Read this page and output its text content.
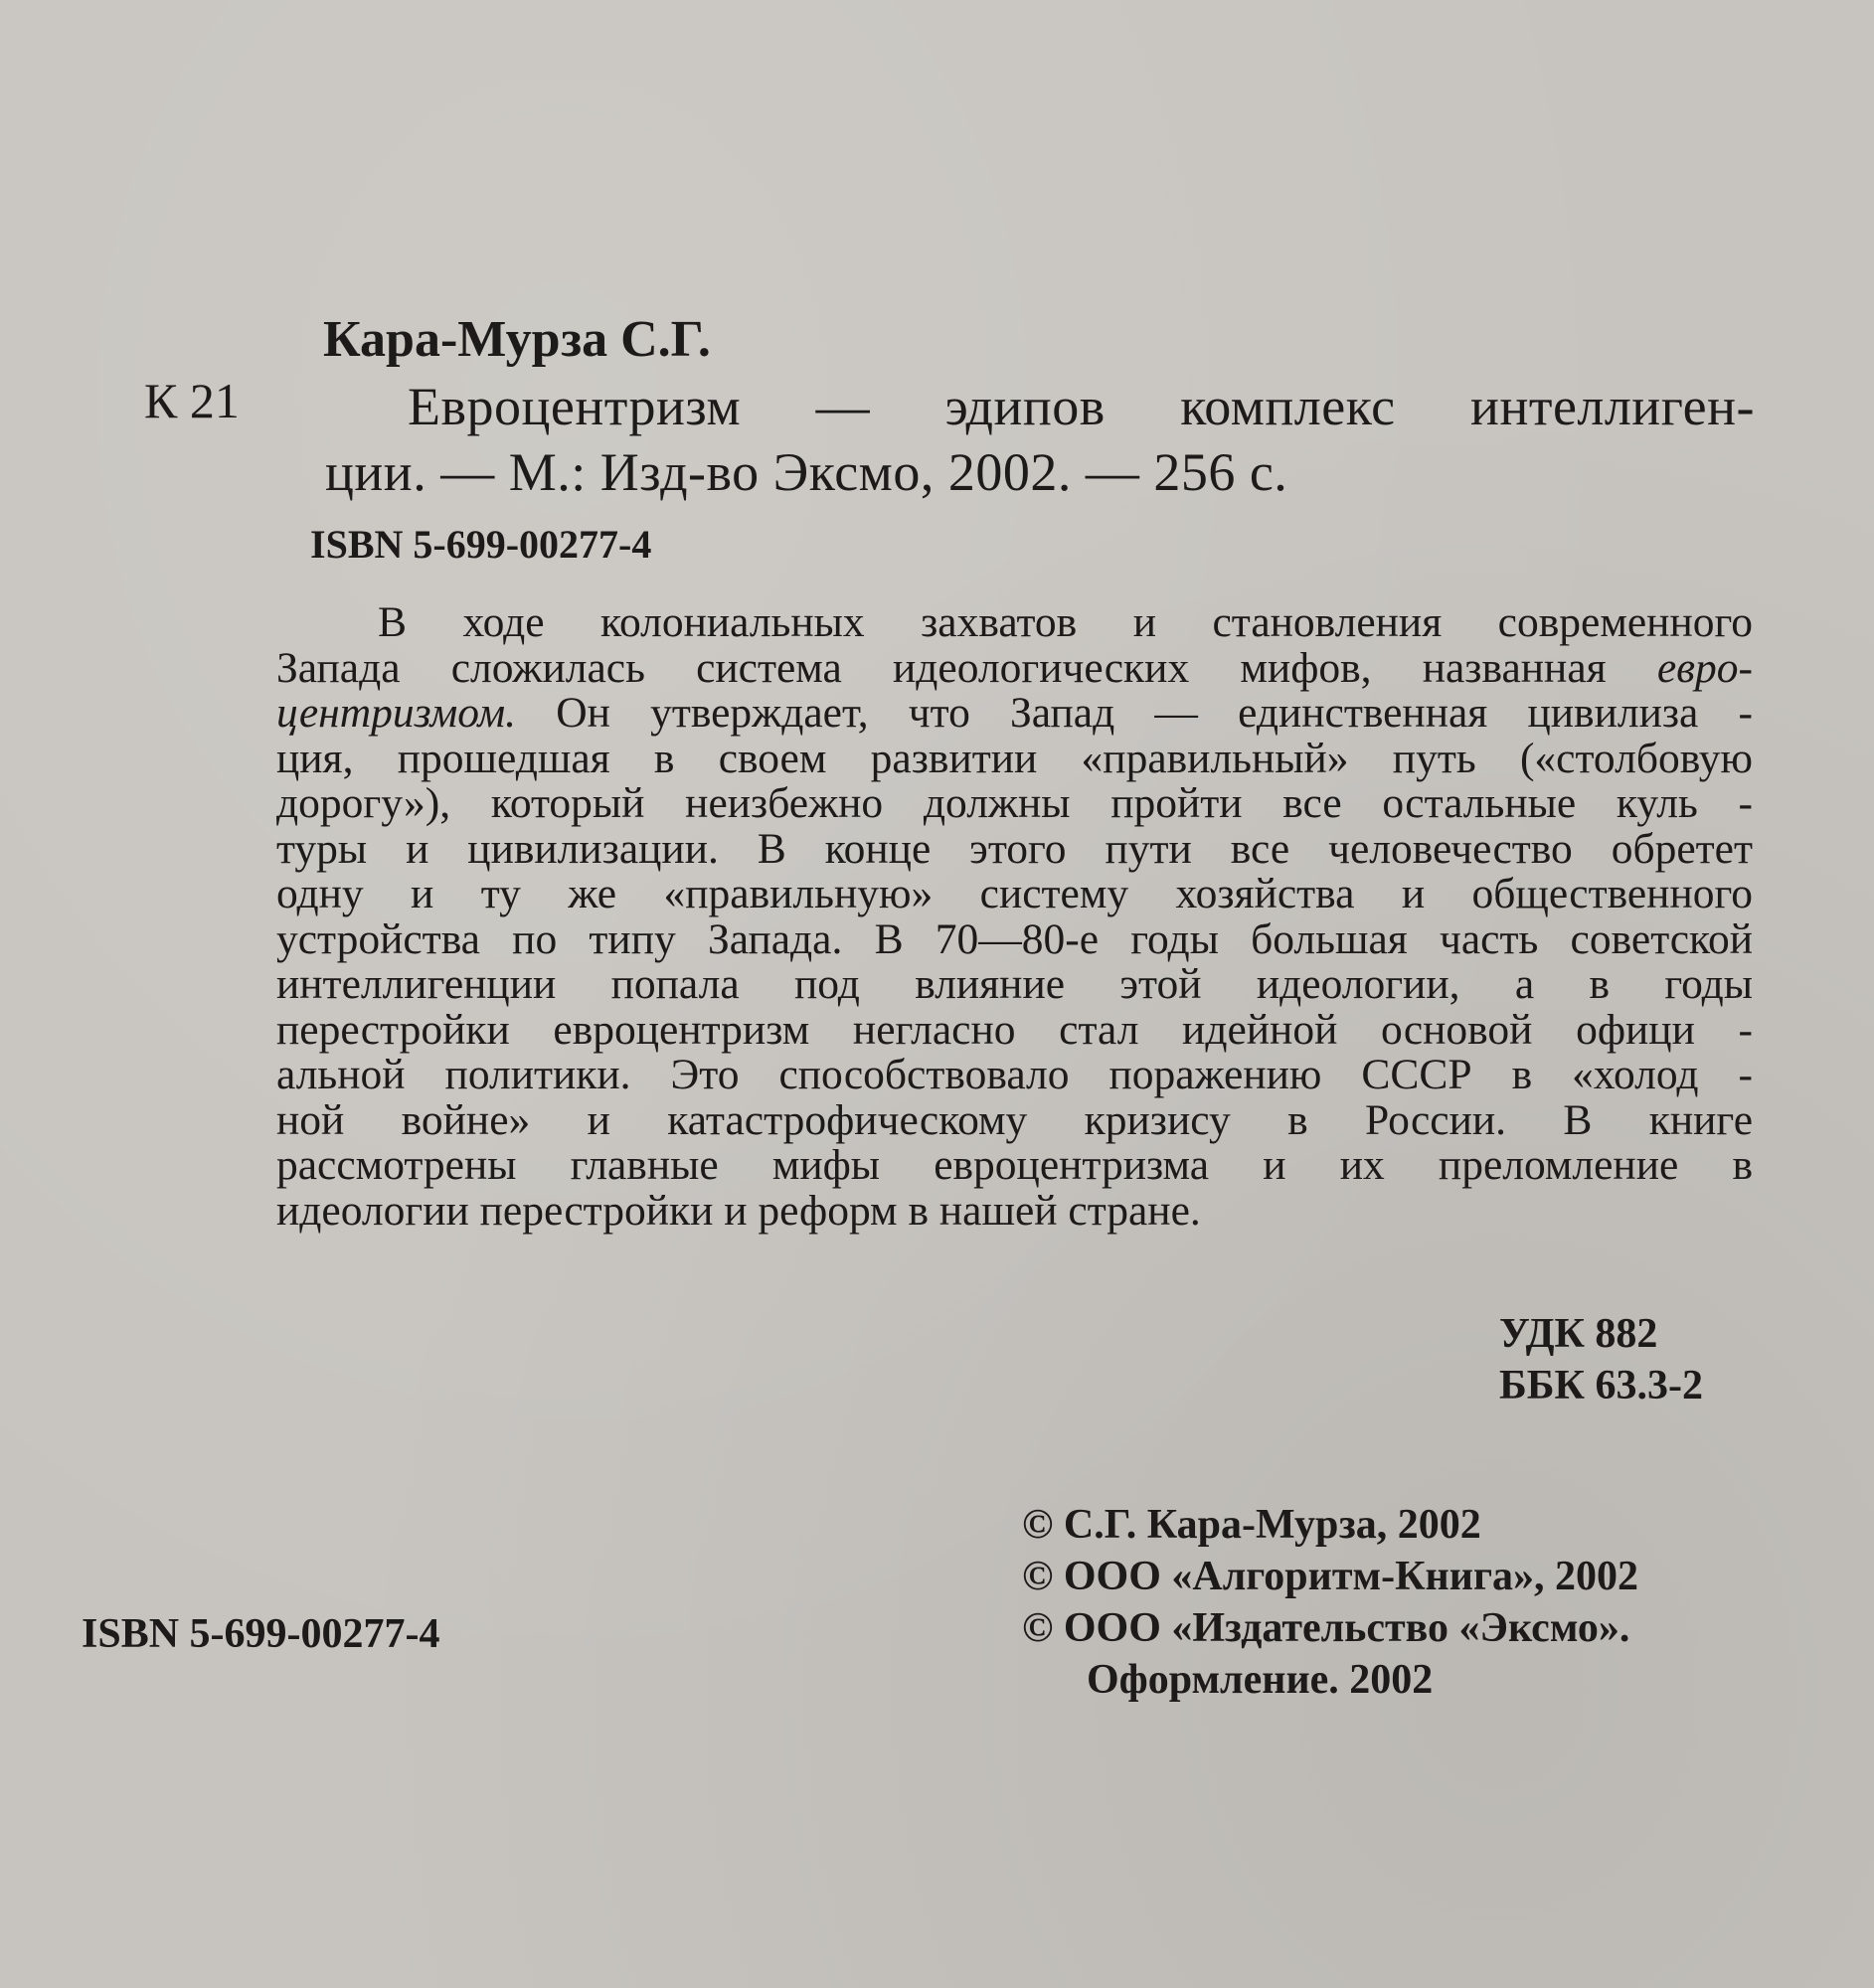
Кара-Мурза С.Г.
К 21	Евроцентризм — эдипов комплекс интеллиген-
ции. — М.: Изд-во Эксмо, 2002. — 256 с.
ISBN 5-699-00277-4
В ходе колониальных захватов и становления современного
Запада сложилась система идеологических мифов, названная евро-
центризмом. Он утверждает, что Запад — единственная цивилиза -
ция, прошедшая в своем развитии «правильный» путь («столбовую
дорогу»), который неизбежно должны пройти все остальные куль -
туры и цивилизации. В конце этого пути все человечество обретет
одну и ту же «правильную» систему хозяйства и общественного
устройства по типу Запада. В 70—80-е годы большая часть советской
интеллигенции попала под влияние этой идеологии, а в годы
перестройки евроцентризм негласно стал идейной основой офици -
альной политики. Это способствовало поражению СССР в «холод -
ной войне» и катастрофическому кризису в России. В книге
рассмотрены главные мифы евроцентризма и их преломление в
идеологии перестройки и реформ в нашей стране.
УДК 882
ББК 63.3-2
© С.Г. Кара-Мурза, 2002
© ООО «Алгоритм-Книга», 2002
© ООО «Издательство «Эксмо».
Оформление. 2002
ISBN 5-699-00277-4
